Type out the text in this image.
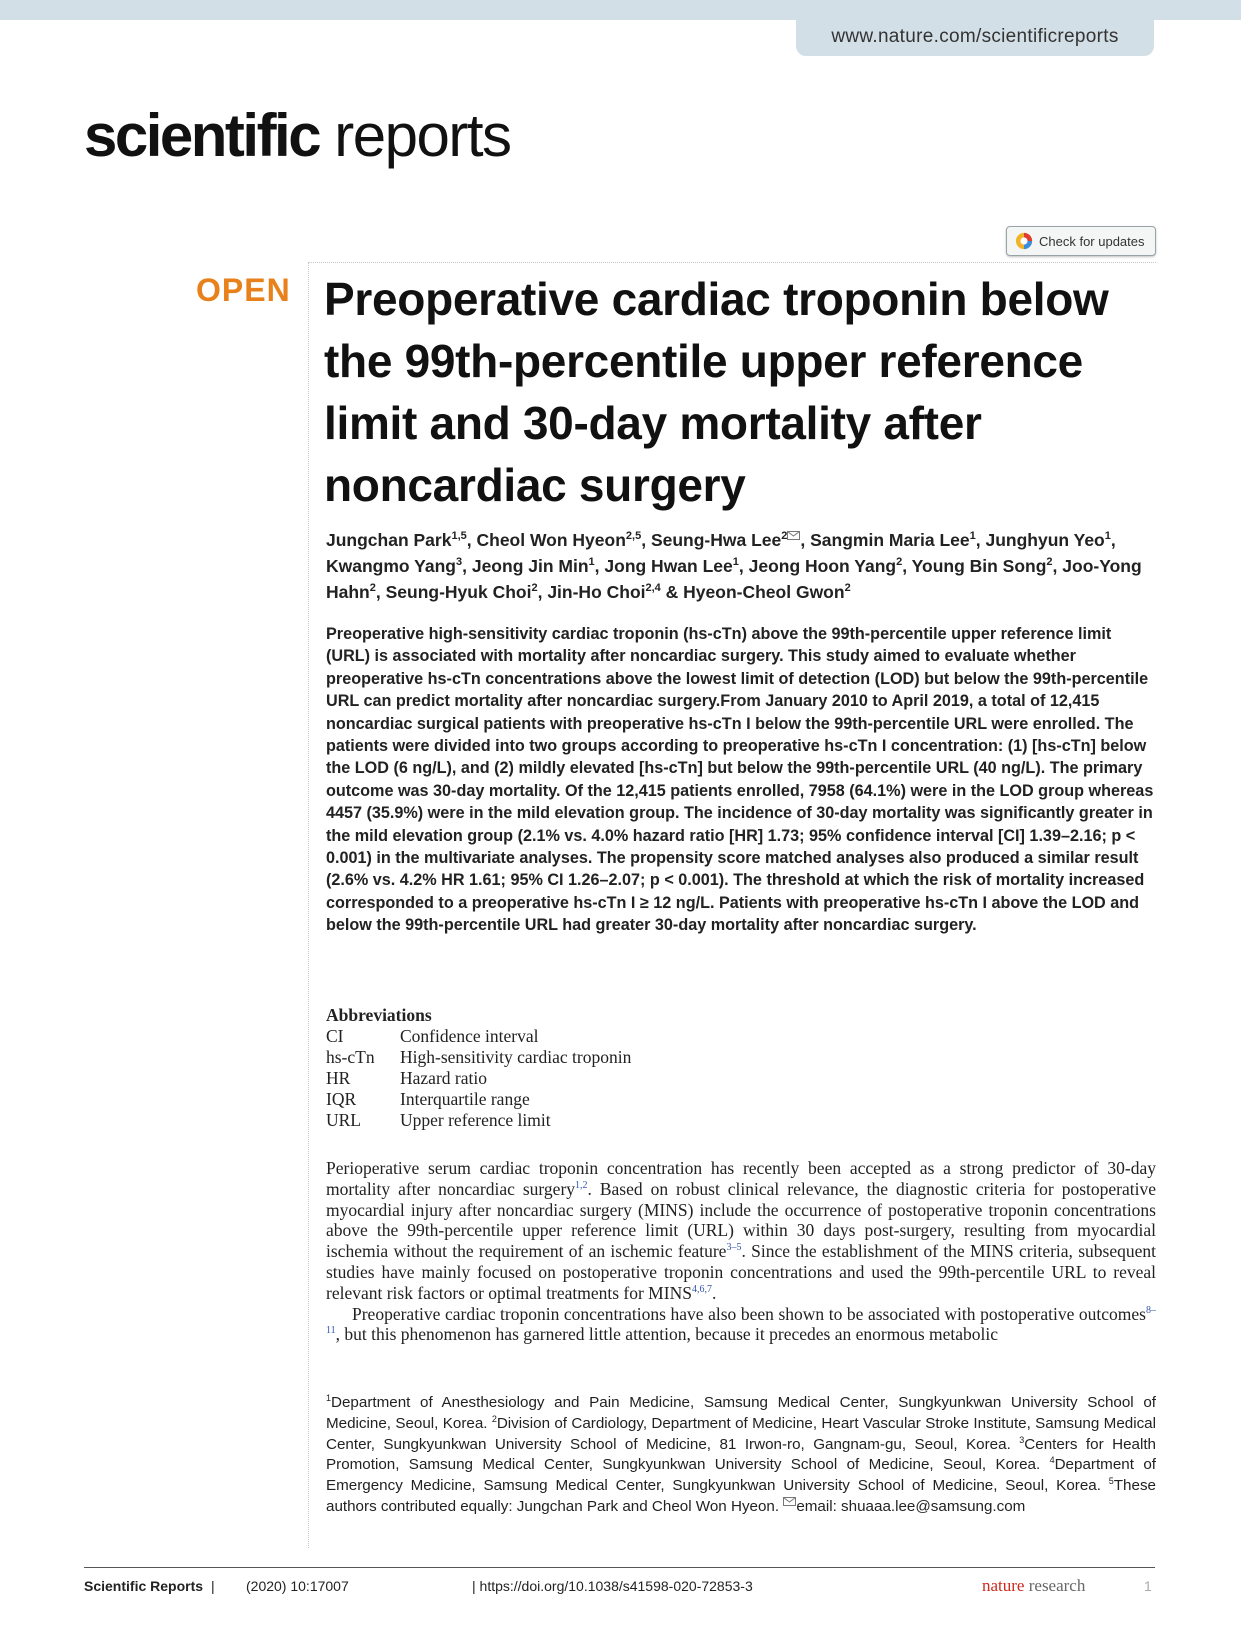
www.nature.com/scientificreports
scientific reports
Check for updates
OPEN Preoperative cardiac troponin below the 99th-percentile upper reference limit and 30-day mortality after noncardiac surgery
Jungchan Park$^{1,5}$, Cheol Won Hyeon$^{2,5}$, Seung-Hwa Lee$^2$ , Sangmin Maria Lee$^1$, Junghyun Yeo$^1$, Kwangmo Yang$^3$, Jeong Jin Min$^1$, Jong Hwan Lee$^1$, Jeong Hoon Yang$^2$, Young Bin Song$^2$, Joo-Yong Hahn$^2$, Seung-Hyuk Choi$^2$, Jin-Ho Choi$^{2,4}$ & Hyeon-Cheol Gwon$^2$

Preoperative high-sensitivity cardiac troponin (hs-cTn) above the 99th-percentile upper reference limit (URL) is associated with mortality after noncardiac surgery. This study aimed to evaluate whether preoperative hs-cTn concentrations above the lowest limit of detection (LOD) but below the 99th-percentile URL can predict mortality after noncardiac surgery.From January 2010 to April 2019, a total of 12,415 noncardiac surgical patients with preoperative hs-cTn I below the 99th-percentile URL were enrolled. The patients were divided into two groups according to preoperative hs-cTn I concentration: (1) [hs-cTn] below the LOD (6 ng/L), and (2) mildly elevated [hs-cTn] but below the 99th-percentile URL (40 ng/L). The primary outcome was 30-day mortality. Of the 12,415 patients enrolled, 7958 (64.1%) were in the LOD group whereas 4457 (35.9%) were in the mild elevation group. The incidence of 30-day mortality was significantly greater in the mild elevation group (2.1% vs. 4.0% hazard ratio [HR] 1.73; 95% confidence interval [CI] 1.39–2.16; p < 0.001) in the multivariate analyses. The propensity score matched analyses also produced a similar result (2.6% vs. 4.2% HR 1.61; 95% CI 1.26–2.07; p < 0.001). The threshold at which the risk of mortality increased corresponded to a preoperative hs-cTn I ≥ 12 ng/L. Patients with preoperative hs-cTn I above the LOD and below the 99th-percentile URL had greater 30-day mortality after noncardiac surgery.

Abbreviations
CI	Confidence interval
hs-cTn	High-sensitivity cardiac troponin
HR	Hazard ratio
IQR	Interquartile range
URL	Upper reference limit

Perioperative serum cardiac troponin concentration has recently been accepted as a strong predictor of 30-day mortality after noncardiac surgery$^{1,2}$. Based on robust clinical relevance, the diagnostic criteria for postoperative myocardial injury after noncardiac surgery (MINS) include the occurrence of postoperative troponin concentrations above the 99th-percentile upper reference limit (URL) within 30 days post-surgery, resulting from myocardial ischemia without the requirement of an ischemic feature$^{3-5}$. Since the establishment of the MINS criteria, subsequent studies have mainly focused on postoperative troponin concentrations and used the 99th-percentile URL to reveal relevant risk factors or optimal treatments for MINS$^{4,6,7}$.

Preoperative cardiac troponin concentrations have also been shown to be associated with postoperative outcomes$^{8-11}$, but this phenomenon has garnered little attention, because it precedes an enormous metabolic

$^1$Department of Anesthesiology and Pain Medicine, Samsung Medical Center, Sungkyunkwan University School of Medicine, Seoul, Korea. $^2$Division of Cardiology, Department of Medicine, Heart Vascular Stroke Institute, Samsung Medical Center, Sungkyunkwan University School of Medicine, 81 Irwon-ro, Gangnam-gu, Seoul, Korea. $^3$Centers for Health Promotion, Samsung Medical Center, Sungkyunkwan University School of Medicine, Seoul, Korea. $^4$Department of Emergency Medicine, Samsung Medical Center, Sungkyunkwan University School of Medicine, Seoul, Korea. $^5$These authors contributed equally: Jungchan Park and Cheol Won Hyeon. email: shuaaa.lee@samsung.com

Scientific Reports | (2020) 10:17007	| https://doi.org/10.1038/s41598-020-72853-3	nature research	1
